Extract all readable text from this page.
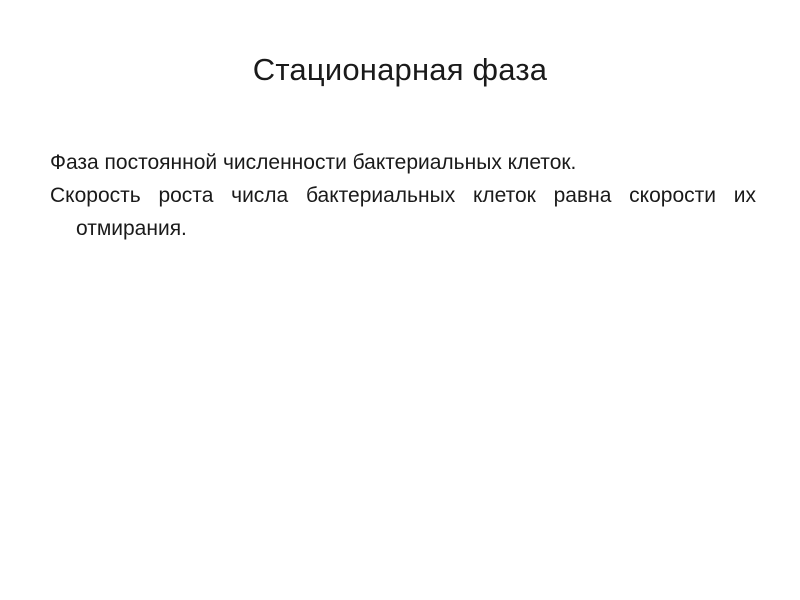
Стационарная фаза
Фаза постоянной численности бактериальных клеток.
Скорость роста числа бактериальных клеток равна скорости их отмирания.
